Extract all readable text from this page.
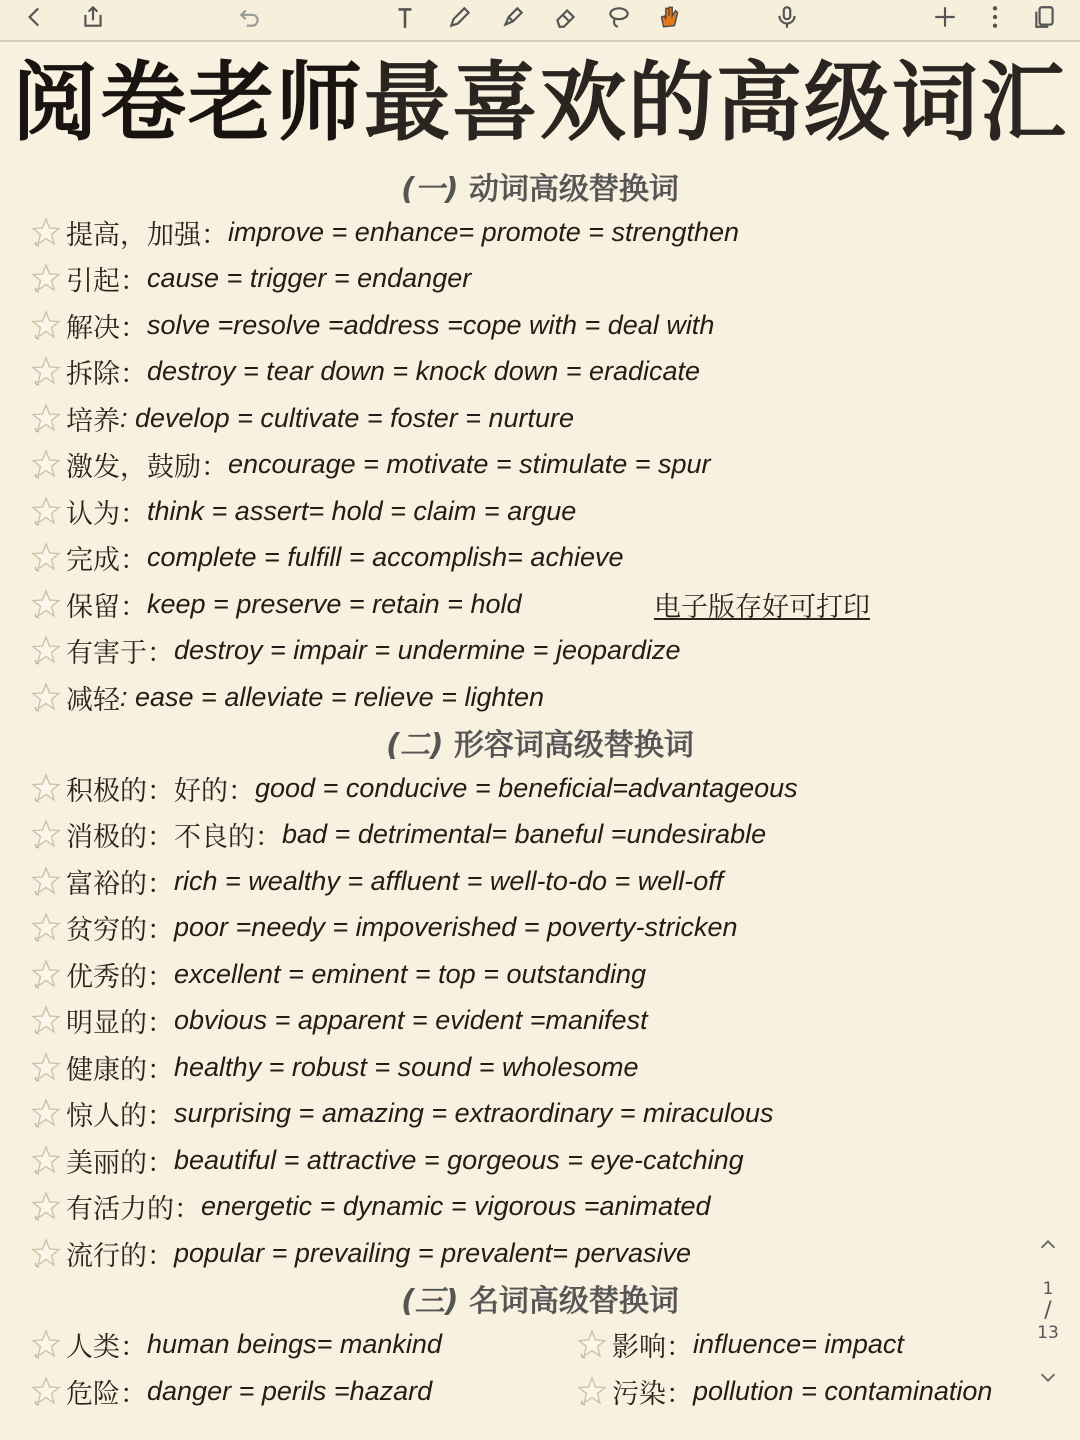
阅卷老师最喜欢的高级词汇
(一) 动词高级替换词
(二) 形容词高级替换词
(三) 名词高级替换词
提高，加强： improve = enhance= promote = strengthen
引起： cause = trigger = endanger
解决： solve =resolve =address =cope with = deal with
拆除： destroy = tear down = knock down = eradicate
培养 : develop = cultivate = foster = nurture
激发，鼓励： encourage = motivate = stimulate = spur
认为： think = assert= hold = claim = argue
完成： complete = fulfill = accomplish= achieve
保留： keep = preserve = retain = hold	电子版存好可打印
有害于： destroy = impair = undermine = jeopardize
减轻 : ease = alleviate = relieve = lighten
积极的：好的： good = conducive = beneficial=advantageous
消极的：不良的： bad = detrimental= baneful =undesirable
富裕的： rich = wealthy = affluent = well-to-do = well-off
贫穷的： poor =needy = impoverished = poverty-stricken
优秀的： excellent = eminent = top = outstanding
明显的： obvious = apparent = evident =manifest
健康的： healthy = robust = sound = wholesome
惊人的： surprising = amazing = extraordinary = miraculous
美丽的： beautiful = attractive = gorgeous = eye-catching
有活力的： energetic = dynamic = vigorous =animated
流行的： popular = prevailing = prevalent= pervasive
人类： human beings= mankind	影响： influence= impact
危险： danger = perils =hazard	污染： pollution = contamination
1
/
13
